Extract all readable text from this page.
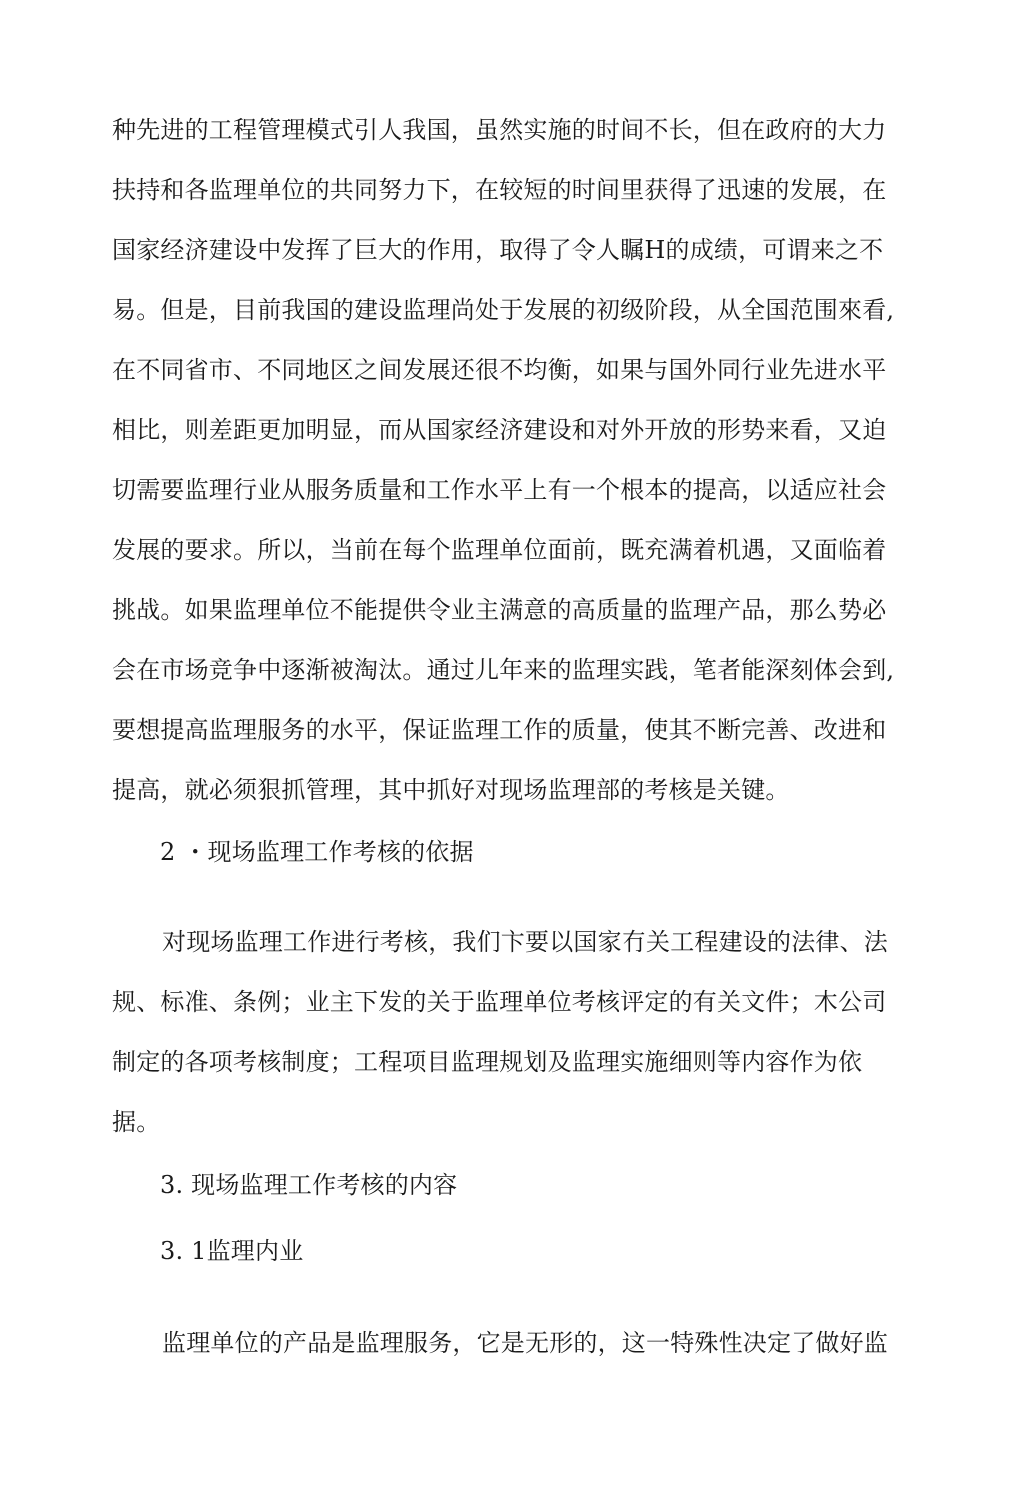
种先进的工程管理模式引人我国，虽然实施的时间不长，但在政府的大力
扶持和各监理单位的共同努力下，在较短的时间里获得了迅速的发展，在
国家经济建设中发挥了巨大的作用，取得了令人瞩H的成绩，可谓来之不
易。但是，目前我国的建设监理尚处于发展的初级阶段，从全国范围來看,
在不同省市、不同地区之间发展还很不均衡，如果与国外同行业先进水平
相比，则差距更加明显，而从国家经济建设和对外开放的形势来看，又迫
切需要监理行业从服务质量和工作水平上有一个根本的提高，以适应社会
发展的要求。所以，当前在每个监理单位面前，既充满着机遇，又面临着
挑战。如果监理单位不能提供令业主满意的高质量的监理产品，那么势必
会在市场竞争中逐渐被淘汰。通过儿年来的监理实践，笔者能深刻体会到,
要想提高监理服务的水平，保证监理工作的质量，使其不断完善、改进和
提高，就必须狠抓管理，其中抓好对现场监理部的考核是关键。
2 ・现场监理工作考核的依据
对现场监理工作进行考核，我们卞要以国家冇关工程建设的法律、法
规、标准、条例；业主下发的关于监理单位考核评定的有关文件；木公司
制定的各项考核制度；工程项目监理规划及监理实施细则等内容作为依
据。
3. 现场监理工作考核的内容
3. 1监理内业
监理单位的产品是监理服务，它是无形的，这一特殊性决定了做好监
